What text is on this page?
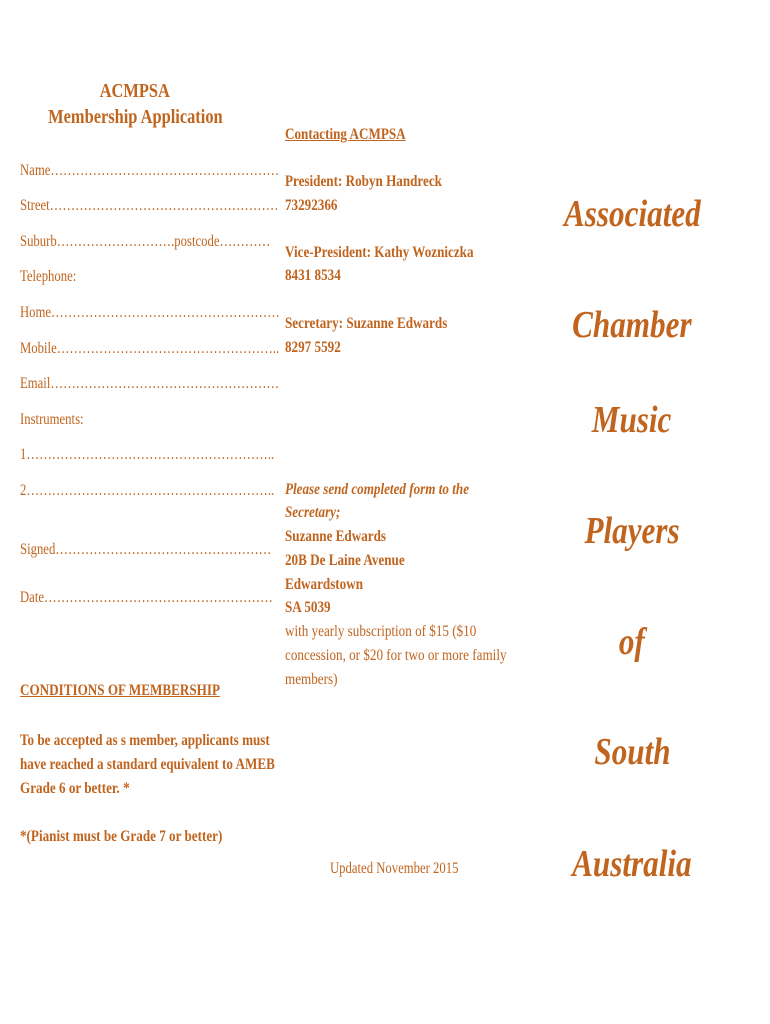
ACMPSA
Membership Application
Name………………………………………………
Street………………………………………………
Suburb……………………….postcode…………
Telephone:
Home………………………………………………
Mobile……………………………………………..
Email………………………………………………
Instruments:
1…………………………………………………..
2…………………………………………………..
Signed……………………………………………
Date………………………………………………
CONDITIONS OF MEMBERSHIP
To be accepted as s member, applicants must
have reached a standard equivalent to AMEB
Grade 6 or better. *
*(Pianist must be Grade 7 or better)
Contacting ACMPSA
President: Robyn Handreck
73292366
Vice-President: Kathy Wozniczka
8431 8534
Secretary: Suzanne Edwards
8297 5592
Please send completed form to the
Secretary;
Suzanne Edwards
20B De Laine Avenue
Edwardstown
SA 5039
with yearly subscription of $15 ($10
concession, or $20 for two or more family
members)
Updated November 2015
Associated
Chamber
Music
Players
of
South
Australia
